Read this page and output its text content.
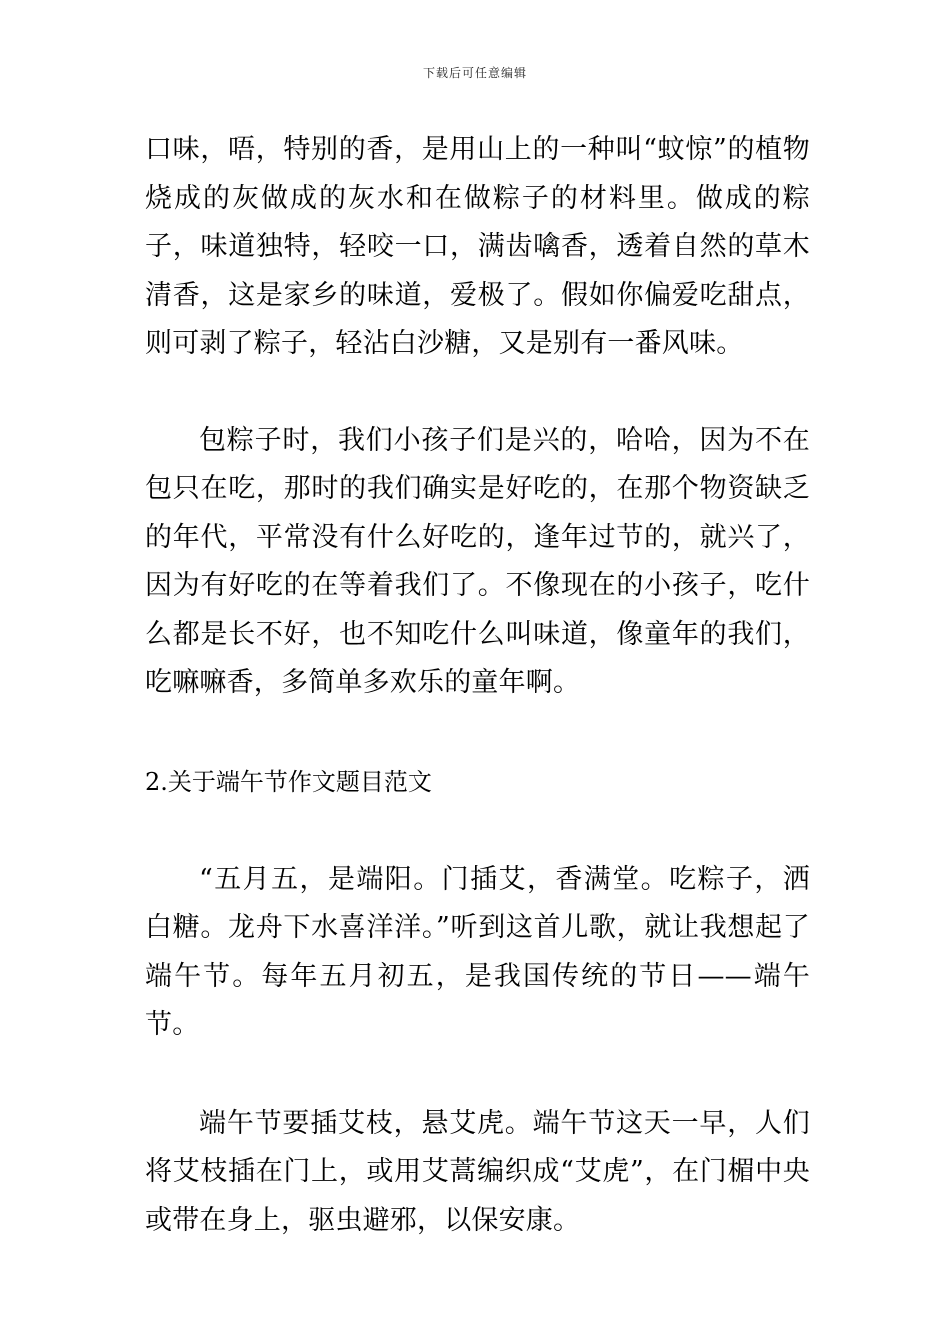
下载后可任意编辑

口味，唔，特别的香，是用山上的一种叫“蚊惊”的植物烧成的灰做成的灰水和在做粽子的材料里。做成的粽子，味道独特，轻咬一口，满齿噙香，透着自然的草木清香，这是家乡的味道，爱极了。假如你偏爱吃甜点，则可剥了粽子，轻沾白沙糖，又是别有一番风味。

包粽子时，我们小孩子们是兴的，哈哈，因为不在包只在吃，那时的我们确实是好吃的，在那个物资缺乏的年代，平常没有什么好吃的，逢年过节的，就兴了，因为有好吃的在等着我们了。不像现在的小孩子，吃什么都是长不好，也不知吃什么叫味道，像童年的我们，吃嘛嘛香，多简单多欢乐的童年啊。

2.关于端午节作文题目范文

“五月五，是端阳。门插艾，香满堂。吃粽子，洒白糖。龙舟下水喜洋洋。”听到这首儿歌，就让我想起了端午节。每年五月初五，是我国传统的节日——端午节。

端午节要插艾枝，悬艾虎。端午节这天一早，人们将艾枝插在门上，或用艾蒿编织成“艾虎”，在门楣中央或带在身上，驱虫避邪，以保安康。
